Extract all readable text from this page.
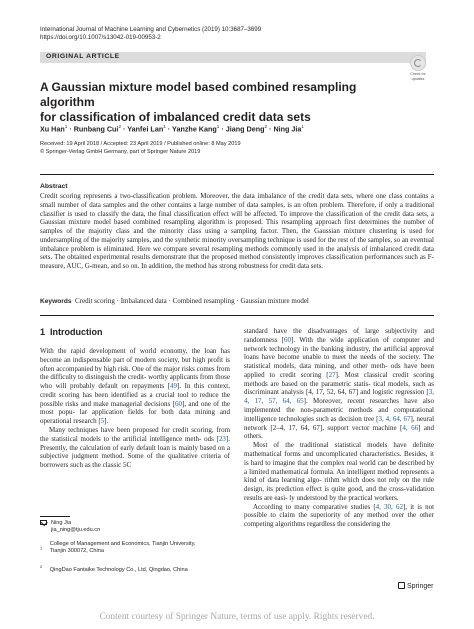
International Journal of Machine Learning and Cybernetics (2019) 10:3687–3699
https://doi.org/10.1007/s13042-019-00953-2
ORIGINAL ARTICLE
Check for
updates
A Gaussian mixture model based combined resampling algorithm
for classification of imbalanced credit data sets
Xu Han$^1$ · Runbang Cui$^2$ · Yanfei Lan$^1$ · Yanzhe Kang$^1$ · Jiang Deng$^2$ · Ning Jia$^1$
Received: 19 April 2018 / Accepted: 23 April 2019 / Published online: 8 May 2019
© Springer-Verlag GmbH Germany, part of Springer Nature 2019
Abstract
Credit scoring represents a two-classification problem. Moreover, the data imbalance of the credit data sets, where one class contains a small number of data samples and the other contains a large number of data samples, is an often problem. Therefore, if only a traditional classifier is used to classify the data, the final classification effect will be affected. To improve the classification of the credit data sets, a Gaussian mixture model based combined resampling algorithm is proposed. This resampling approach first determines the number of samples of the majority class and the minority class using a sampling factor. Then, the Gaussian mixture clustering is used for undersampling of the majority samples, and the synthetic minority oversampling technique is used for the rest of the samples, so an eventual imbalance problem is eliminated. Here we compare several resampling methods commonly used in the analysis of imbalanced credit data sets. The obtained experimental results demonstrate that the proposed method consistently improves classification performances such as F-measure, AUC, G-mean, and so on. In addition, the method has strong robustness for credit data sets.
Keywords Credit scoring · Imbalanced data · Combined resampling · Gaussian mixture model
1 Introduction

With the rapid development of world economy, the loan has become an indispensable part of modern society, but high profit is often accompanied by high risk. One of the major risks comes from the difficulty to distinguish the credit- worthy applicants from those who will probably default on repayments [49]. In this context, credit scoring has been identified as a crucial tool to reduce the possible risks and make managerial decisions [60], and one of the most popu- lar application fields for both data mining and operational research [5].

Many techniques have been proposed for credit scoring, from the statistical models to the artificial intelligence meth- ods [23]. Presently, the calculation of early default loan is mainly based on a subjective judgment method. Some of the qualitative criteria of borrowers such as the classic 5C

Ning Jia
jia_ning@tju.edu.cn
$^1$ College of Management and Economics, Tianjin University,
Tianjin 300072, China
$^2$ QingDao Fantaike Technology Co., Ltd, Qingdao, China

standard have the disadvantages of large subjectivity and randomness [60]. With the wide application of computer and network technology in the banking industry, the artificial approval loans have become unable to meet the needs of the society. The statistical models, data mining, and other meth- ods have been applied to credit scoring [27]. Most classical credit scoring methods are based on the parametric statis- tical models, such as discriminant analysis [4, 17, 52, 64, 67] and logistic regression [3, 4, 17, 57, 64, 65]. Moreover, recent researches have also implemented the non-parametric methods and computational intelligence technologies such as decision tree [3, 4, 64, 67], neural network [2–4, 17, 64, 67], support vector machine [4, 66] and others.

Most of the traditional statistical models have definite mathematical forms and uncomplicated characteristics. Besides, it is hard to imagine that the complex real world can be described by a limited mathematical formula. An intelligent method represents a kind of data learning algo- rithm which does not rely on the rule design, its prediction effect is quite good, and the cross-validation results are easi- ly understood by the practical workers.

According to many comparative studies [4, 30, 62], it is not possible to claim the superiority of any method over the other competing algorithms regardless the considering the

Springer
Content courtesy of Springer Nature, terms of use apply. Rights reserved.
